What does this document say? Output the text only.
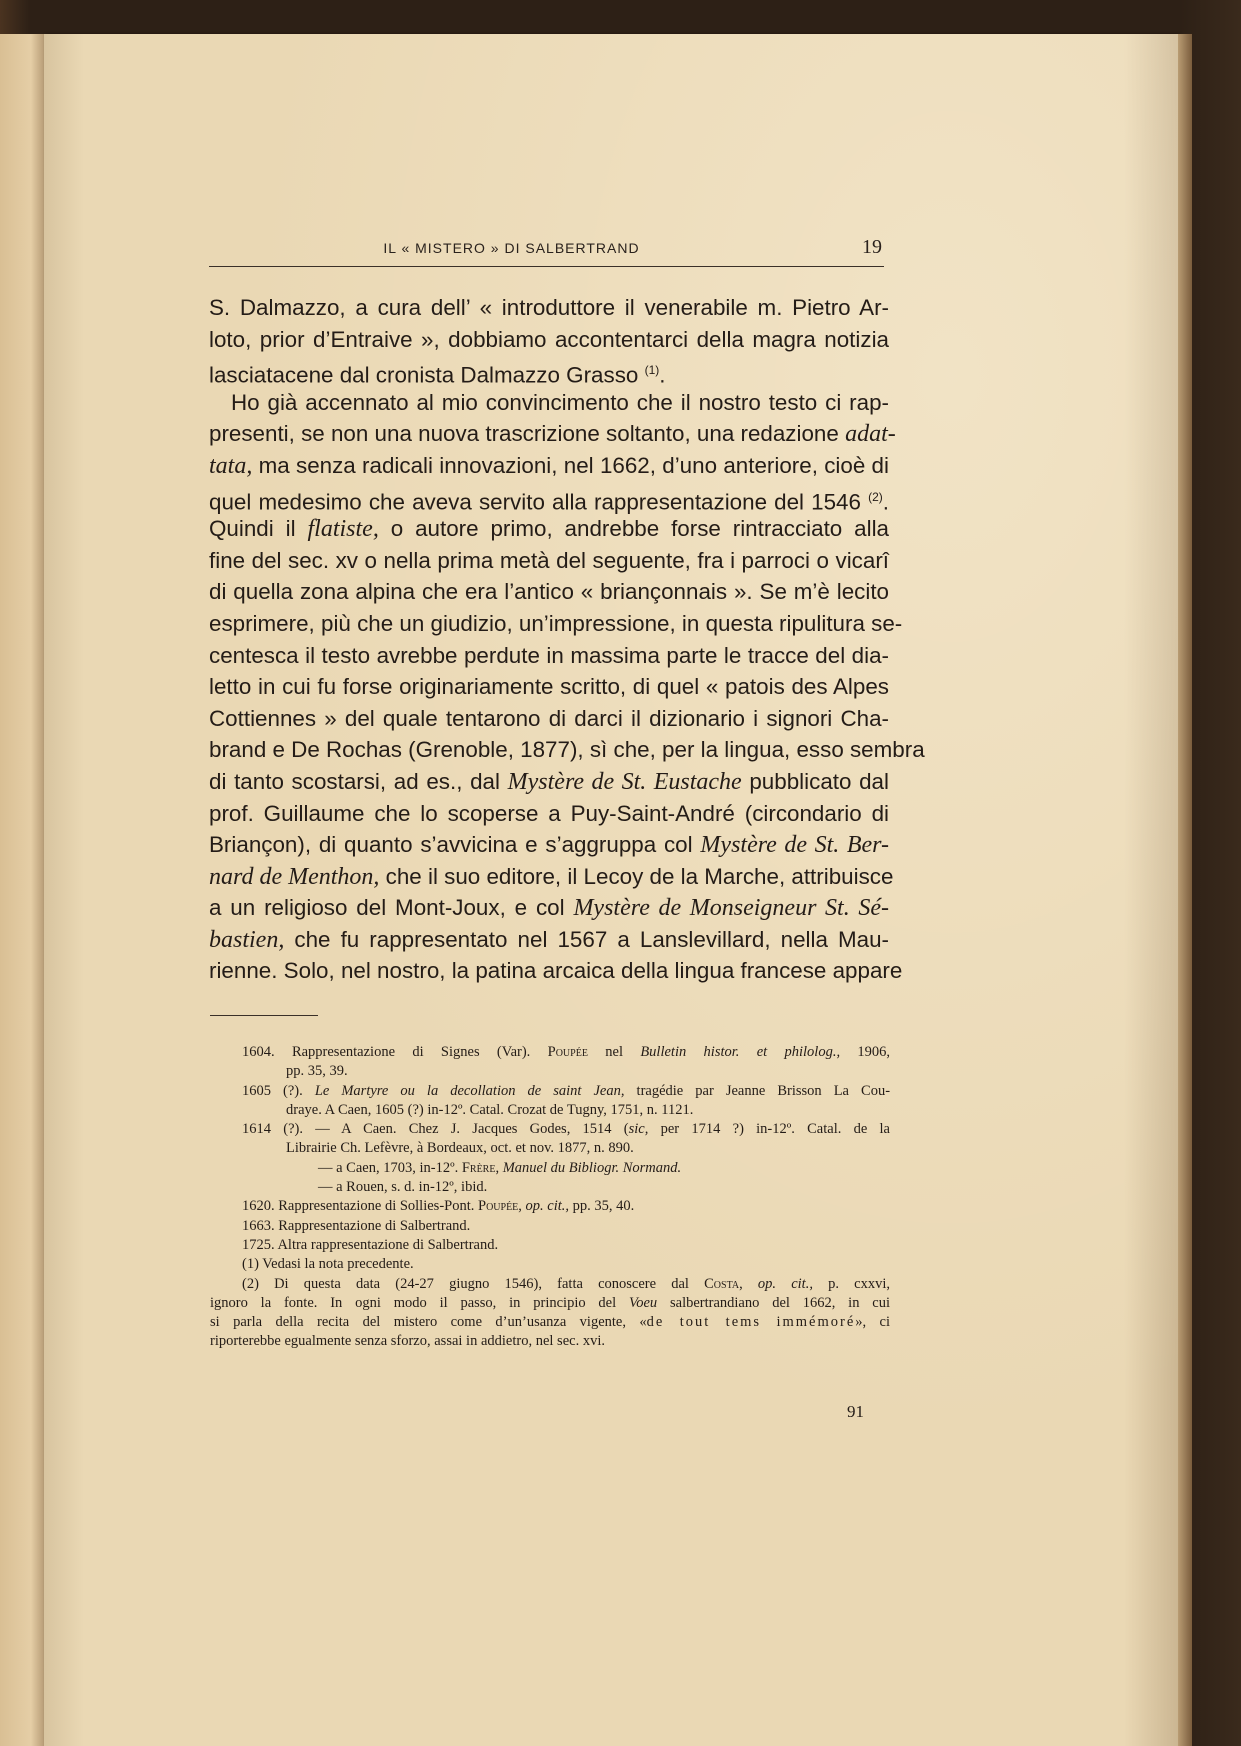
IL « MISTERO » DI SALBERTRAND	19

S. Dalmazzo, a cura dell’ « introduttore il venerabile m. Pietro Ar-
loto, prior d’Entraive », dobbiamo accontentarci della magra notizia
lasciatacene dal cronista Dalmazzo Grasso $^{(1)}$.

Ho già accennato al mio convincimento che il nostro testo ci rap-
presenti, se non una nuova trascrizione soltanto, una redazione adat-
tata, ma senza radicali innovazioni, nel 1662, d’uno anteriore, cioè di
quel medesimo che aveva servito alla rappresentazione del 1546 $^{(2)}$.
Quindi il flatiste, o autore primo, andrebbe forse rintracciato alla
fine del sec. xv o nella prima metà del seguente, fra i parroci o vicarî
di quella zona alpina che era l’antico « briançonnais ». Se m’è lecito
esprimere, più che un giudizio, un’impressione, in questa ripulitura se-
centesca il testo avrebbe perdute in massima parte le tracce del dia-
letto in cui fu forse originariamente scritto, di quel « patois des Alpes
Cottiennes » del quale tentarono di darci il dizionario i signori Cha-
brand e De Rochas (Grenoble, 1877), sì che, per la lingua, esso sembra
di tanto scostarsi, ad es., dal Mystère de St. Eustache pubblicato dal
prof. Guillaume che lo scoperse a Puy-Saint-André (circondario di
Briançon), di quanto s’avvicina e s’aggruppa col Mystère de St. Ber-
nard de Menthon, che il suo editore, il Lecoy de la Marche, attribuisce
a un religioso del Mont-Joux, e col Mystère de Monseigneur St. Sé-
bastien, che fu rappresentato nel 1567 a Lanslevillard, nella Mau-
rienne. Solo, nel nostro, la patina arcaica della lingua francese appare

1604. Rappresentazione di Signes (Var). Poupée nel Bulletin histor. et philolog., 1906,
pp. 35, 39.
1605 (?). Le Martyre ou la decollation de saint Jean, tragédie par Jeanne Brisson La Cou-
draye. A Caen, 1605 (?) in-12º. Catal. Crozat de Tugny, 1751, n. 1121.
1614 (?). — A Caen. Chez J. Jacques Godes, 1514 (sic, per 1714 ?) in-12º. Catal. de la
Librairie Ch. Lefèvre, à Bordeaux, oct. et nov. 1877, n. 890.
— a Caen, 1703, in-12º. Frère, Manuel du Bibliogr. Normand.
— a Rouen, s. d. in-12º, ibid.
1620. Rappresentazione di Sollies-Pont. Poupée, op. cit., pp. 35, 40.
1663. Rappresentazione di Salbertrand.
1725. Altra rappresentazione di Salbertrand.
(1) Vedasi la nota precedente.
(2) Di questa data (24-27 giugno 1546), fatta conoscere dal Costa, op. cit., p. cxxvi,
ignoro la fonte. In ogni modo il passo, in principio del Voeu salbertrandiano del 1662, in cui
si parla della recita del mistero come d’un’usanza vigente, «de tout tems immémoré», ci
riporterebbe egualmente senza sforzo, assai in addietro, nel sec. xvi.
91
